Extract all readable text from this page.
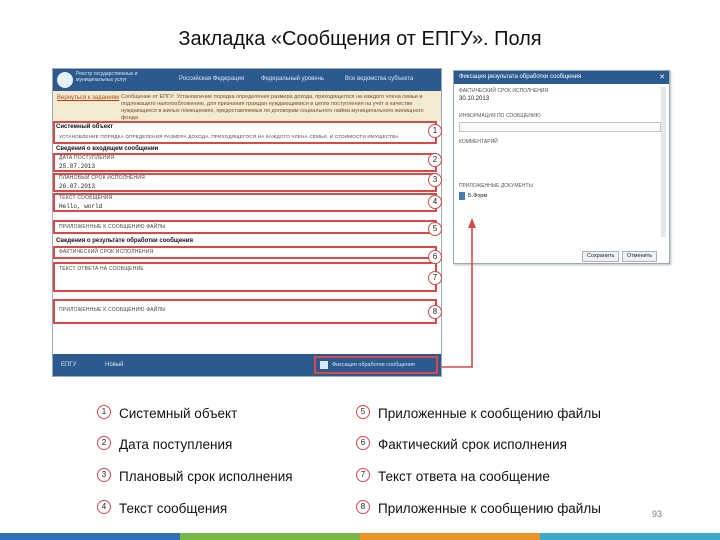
Закладка «Сообщения от ЕПГУ». Поля
Реестр государственных и муниципальных услуг	Российская Федерация	Федеральный уровень	Все ведомства субъекта
Вернуться к заданиям Сообщение от ЕПГУ: Установление порядка определения размера дохода, приходящегося на каждого члена семьи и подлежащего налогообложению, для признания граждан нуждающимися в целях поступления на учёт в качестве нуждающихся в жилых помещениях, предоставляемых по договорам социального найма муниципального жилищного фонда
Системный объект
УСТАНОВЛЕНИЕ ПОРЯДКА ОПРЕДЕЛЕНИЯ РАЗМЕРА ДОХОДА, ПРИХОДЯЩЕГОСЯ НА КАЖДОГО ЧЛЕНА СЕМЬИ, И СТОИМОСТИ ИМУЩЕСТВА
Сведения о входящем сообщении
ДАТА ПОСТУПЛЕНИЯ
25.07.2013
ПЛАНОВЫЙ СРОК ИСПОЛНЕНИЯ
26.07.2013
ТЕКСТ СООБЩЕНИЯ
Hello, world
ПРИЛОЖЕННЫЕ К СООБЩЕНИЮ ФАЙЛЫ
Сведения о результате обработки сообщения
ФАКТИЧЕСКИЙ СРОК ИСПОЛНЕНИЯ
ТЕКСТ ОТВЕТА НА СООБЩЕНИЕ
ПРИЛОЖЕННЫЕ К СООБЩЕНИЮ ФАЙЛЫ
ЕПГУ	Новый	Фиксация обработки сообщения
1
2
3
4
5
6
7
8
Фиксация результата обработки сообщения	✕
ФАКТИЧЕСКИЙ СРОК ИСПОЛНЕНИЯ
30.10.2013
ИНФОРМАЦИЯ ПО СООБЩЕНИЮ
КОММЕНТАРИЙ
ПРИЛОЖЕННЫЕ ДОКУМЕНТЫ
Б.Форм
Сохранить	Отменить
1 Системный объект
2 Дата поступления
3 Плановый срок исполнения
4 Текст сообщения
5 Приложенные к сообщению файлы
6 Фактический срок исполнения
7 Текст ответа на сообщение
8 Приложенные к сообщению файлы	93
